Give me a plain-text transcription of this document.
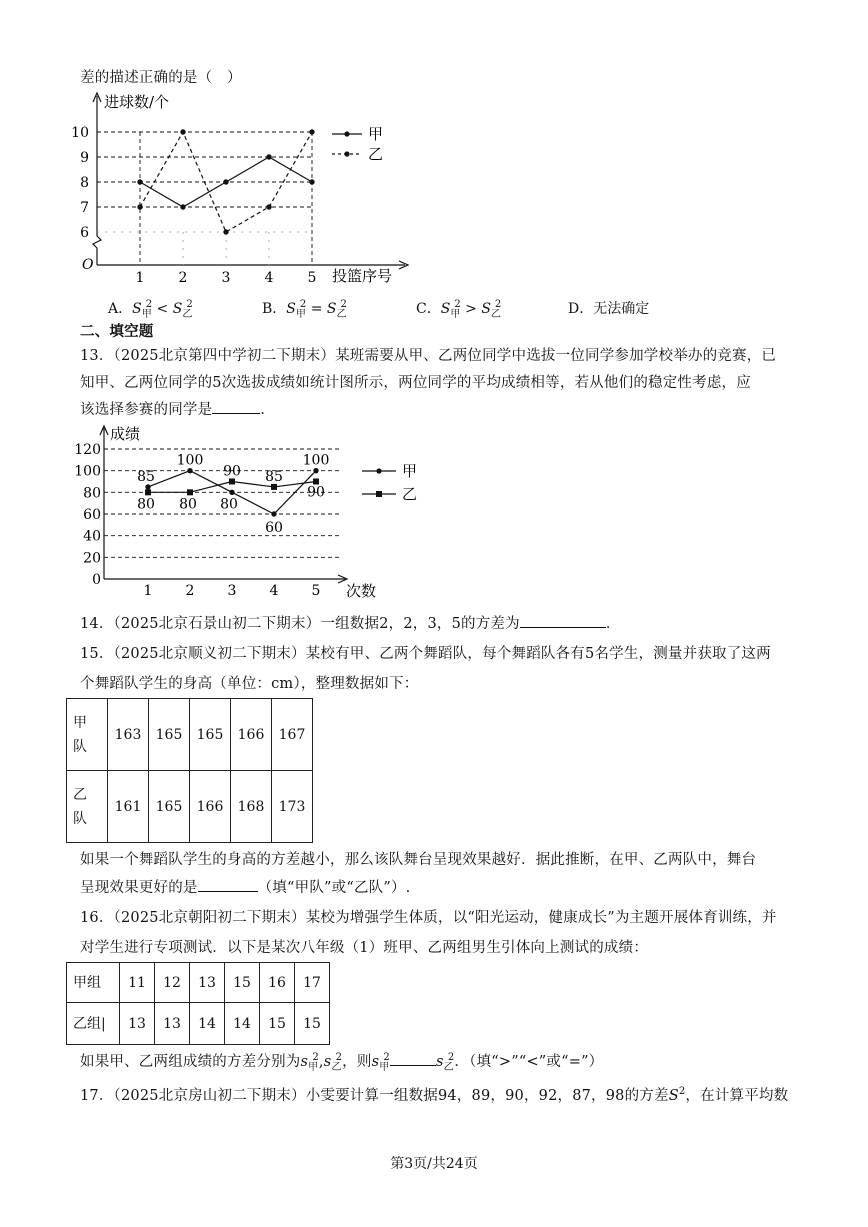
差的描述正确的是（　）
进球数/个
投篮序号
O
10
9
8
7
6
1 2 3 4 5
甲
乙
A．$S_甲^2 < S_乙^2$	B．$S_甲^2 = S_乙^2$	C．$S_甲^2 > S_乙^2$	D．无法确定
二、填空题
13．（2025北京第四中学初二下期末）某班需要从甲、乙两位同学中选拔一位同学参加学校举办的竞赛，已
知甲、乙两位同学的5次选拔成绩如统计图所示，两位同学的平均成绩相等，若从他们的稳定性考虑，应
该选择参赛的同学是	．
120
100
80
60
40
20
0
1 2 3 4 5
85
100
80
60
100
80 80
90 85
90
成绩
次数
甲
乙
14．（2025北京石景山初二下期末）一组数据2，2，3，5的方差为	．
15．（2025北京顺义初二下期末）某校有甲、乙两个舞蹈队，每个舞蹈队各有5名学生，测量并获取了这两
个舞蹈队学生的身高（单位：cm），整理数据如下：
甲
队	163	165	165	166	167
乙
队	161	165	166	168	173
如果一个舞蹈队学生的身高的方差越小，那么该队舞台呈现效果越好．据此推断，在甲、乙两队中，舞台
呈现效果更好的是	（填“甲队”或“乙队”）.
16．（2025北京朝阳初二下期末）某校为增强学生体质，以“阳光运动，健康成长”为主题开展体育训练，并
对学生进行专项测试．以下是某次八年级（1）班甲、乙两组男生引体向上测试的成绩：
甲组	11	12	13	15	16	17
乙组|	13	13	14	14	15	15
如果甲、乙两组成绩的方差分别为$s_甲^2,s_乙^2$，则$s_甲^2$	$s_乙^2$．（填“>”“<”或“=”）
17．（2025北京房山初二下期末）小雯要计算一组数据94，89，90，92，87，98的方差$S^2$，在计算平均数
第3页/共24页
